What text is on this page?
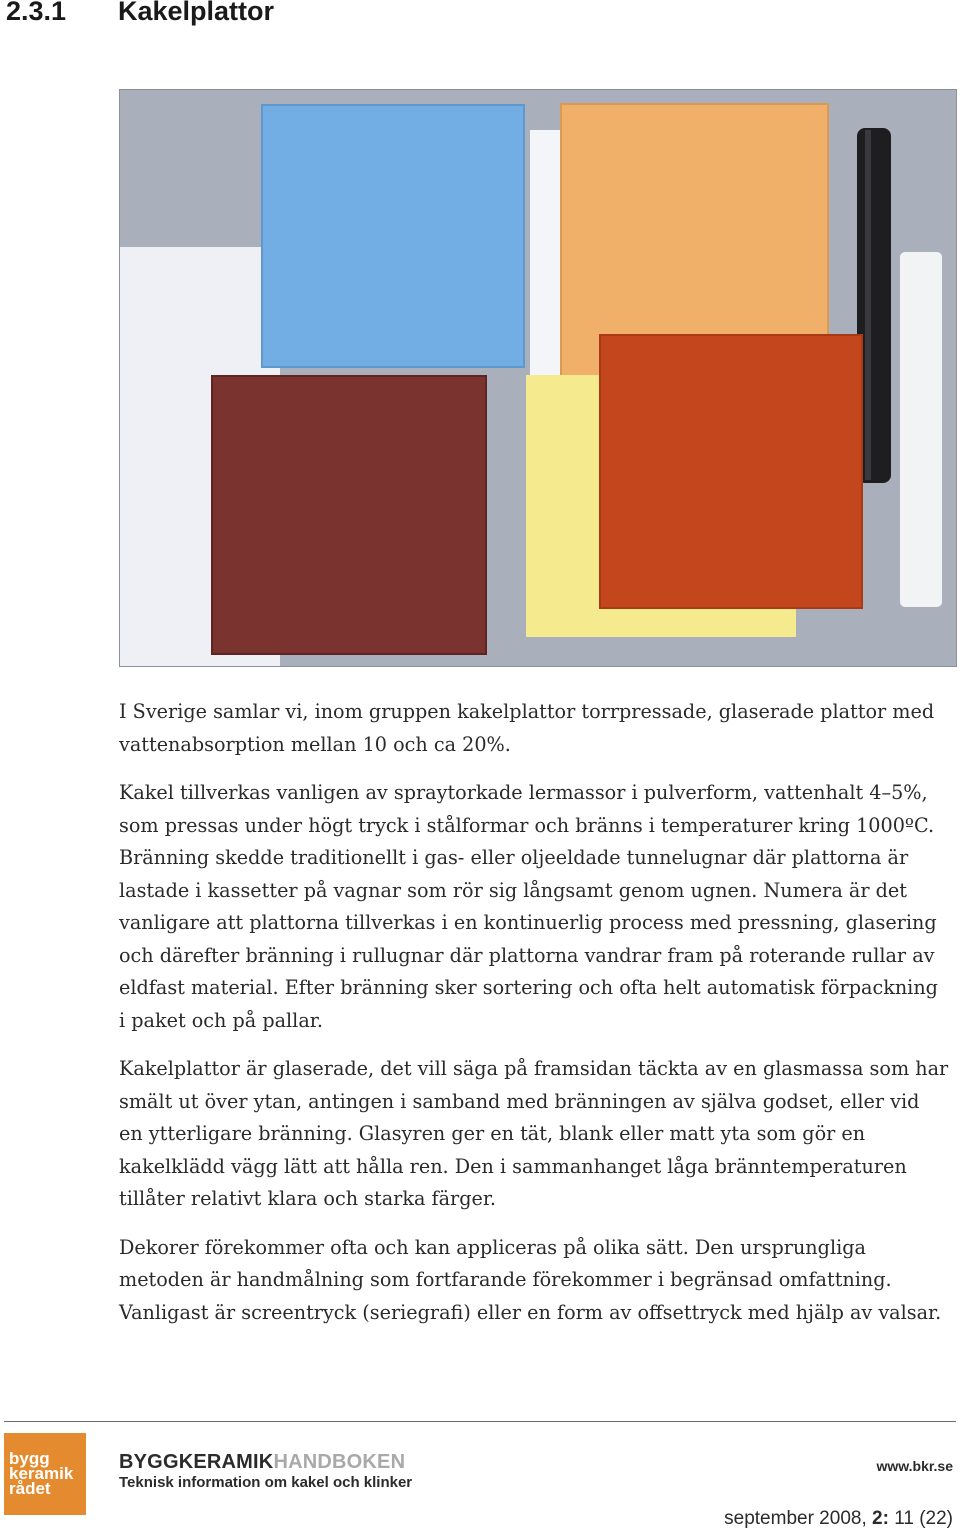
2.3.1 Kakelplattor

I Sverige samlar vi, inom gruppen kakelplattor torrpressade, glaserade plattor med vattenabsorption mellan 10 och ca 20%.

Kakel tillverkas vanligen av spraytorkade lermassor i pulverform, vattenhalt 4–5%, som pressas under högt tryck i stålformar och bränns i temperaturer kring 1000ºC. Bränning skedde traditionellt i gas- eller oljeeldade tunnelugnar där plattorna är lastade i kassetter på vagnar som rör sig långsamt genom ugnen. Numera är det vanligare att plattorna tillverkas i en kontinuerlig process med pressning, glasering och därefter bränning i rullugnar där plattorna vandrar fram på roterande rullar av eldfast material. Efter bränning sker sortering och ofta helt automatisk förpackning i paket och på pallar.

Kakelplattor är glaserade, det vill säga på framsidan täckta av en glasmassa som har smält ut över ytan, antingen i samband med bränningen av själva godset, eller vid en ytterligare bränning. Glasyren ger en tät, blank eller matt yta som gör en kakelklädd vägg lätt att hålla ren. Den i sammanhanget låga bränntemperaturen tillåter relativt klara och starka färger.

Dekorer förekommer ofta och kan appliceras på olika sätt. Den ursprungliga metoden är handmålning som fortfarande förekommer i begränsad omfattning. Vanligast är screentryck (seriegrafi) eller en form av offsettryck med hjälp av valsar.

bygg
keramik
rådet
BYGGKERAMIKHANDBOKEN
Teknisk information om kakel och klinker
www.bkr.se
september 2008, 2: 11 (22)
